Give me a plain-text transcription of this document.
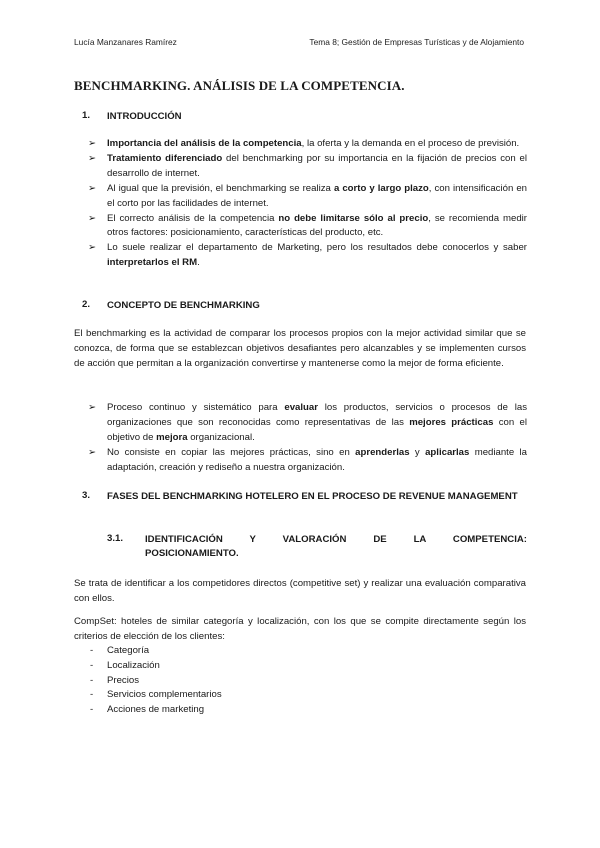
Lucía Manzanares Ramírez	Tema 8; Gestión de Empresas Turísticas y de Alojamiento
BENCHMARKING. ANÁLISIS DE LA COMPETENCIA.
1. INTRODUCCIÓN
➢ Importancia del análisis de la competencia, la oferta y la demanda en el proceso de previsión.
➢ Tratamiento diferenciado del benchmarking por su importancia en la fijación de precios con el desarrollo de internet.
➢ Al igual que la previsión, el benchmarking se realiza a corto y largo plazo, con intensificación en el corto por las facilidades de internet.
➢ El correcto análisis de la competencia no debe limitarse sólo al precio, se recomienda medir otros factores: posicionamiento, características del producto, etc.
➢ Lo suele realizar el departamento de Marketing, pero los resultados debe conocerlos y saber interpretarlos el RM.
2. CONCEPTO DE BENCHMARKING

El benchmarking es la actividad de comparar los procesos propios con la mejor actividad similar que se conozca, de forma que se establezcan objetivos desafiantes pero alcanzables y se implementen cursos de acción que permitan a la organización convertirse y mantenerse como la mejor de forma eficiente.

➢ Proceso continuo y sistemático para evaluar los productos, servicios o procesos de las organizaciones que son reconocidas como representativas de las mejores prácticas con el objetivo de mejora organizacional.
➢ No consiste en copiar las mejores prácticas, sino en aprenderlas y aplicarlas mediante la adaptación, creación y rediseño a nuestra organización.
3. FASES DEL BENCHMARKING HOTELERO EN EL PROCESO DE REVENUE MANAGEMENT
3.1. IDENTIFICACIÓN Y VALORACIÓN DE LA COMPETENCIA:
POSICIONAMIENTO.

Se trata de identificar a los competidores directos (competitive set) y realizar una evaluación comparativa con ellos.

CompSet: hoteles de similar categoría y localización, con los que se compite directamente según los criterios de elección de los clientes:

- Categoría
- Localización
- Precios
- Servicios complementarios
- Acciones de marketing
